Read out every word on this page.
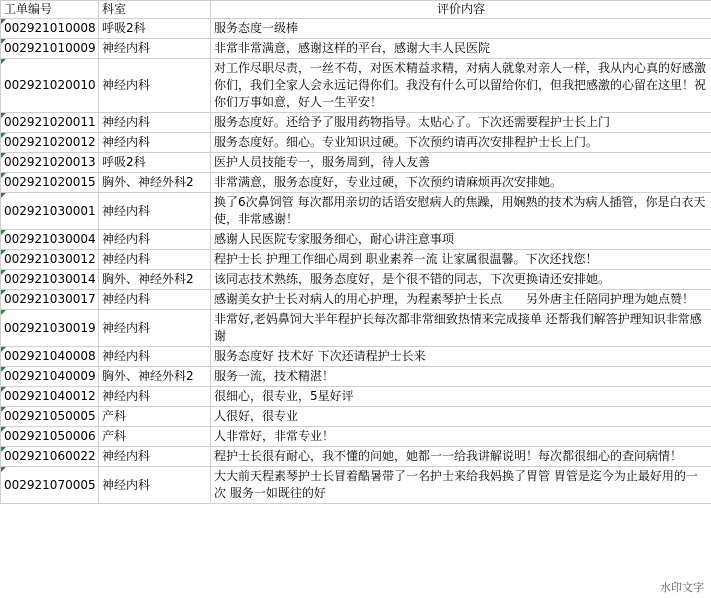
工单编号	科室	评价内容
002921010008	呼吸2科	服务态度一级棒
002921010009	神经内科	非常非常满意，感谢这样的平台，感谢大丰人民医院
002921020010	神经内科	对工作尽职尽责，一丝不苟，对医术精益求精，对病人就象对亲人一样，我从内心真的好感激你们，我们全家人会永远记得你们。我没有什么可以留给你们，但我把感激的心留在这里！祝你们万事如意，好人一生平安！
002921020011	神经内科	服务态度好。还给予了服用药物指导。太贴心了。下次还需要程护士长上门
002921020012	神经内科	服务态度好。细心。专业知识过硬。下次预约请再次安排程护士长上门。
002921020013	呼吸2科	医护人员技能专一，服务周到，待人友善
002921020015	胸外、神经外科2	非常满意，服务态度好，专业过硬，下次预约请麻烦再次安排她。
002921030001	神经内科	换了6次鼻饲管 每次都用亲切的话语安慰病人的焦躁，用娴熟的技术为病人插管，你是白衣天使，非常感谢！
002921030004	神经内科	感谢人民医院专家服务细心，耐心讲注意事项
002921030012	神经内科	程护士长 护理工作细心周到 职业素养一流 让家属很温馨。下次还找您！
002921030014	胸外、神经外科2	该同志技术熟练，服务态度好，是个很不错的同志，下次更换请还安排她。
002921030017	神经内科	感谢美女护士长对病人的用心护理，为程素琴护士长点　　另外唐主任陪同护理为她点赞！
002921030019	神经内科	非常好,老妈鼻饲大半年程护长每次都非常细致热情来完成接单 还帮我们解答护理知识非常感谢
002921040008	神经内科	服务态度好 技术好 下次还请程护士长来
002921040009	胸外、神经外科2	服务一流，技术精湛！
002921040012	神经内科	很细心，很专业，5星好评
002921050005	产科	人很好，很专业
002921050006	产科	人非常好，非常专业！
002921060022	神经内科	程护士长很有耐心，我不懂的问她，她都一一给我讲解说明！每次都很细心的查问病情！
002921070005	神经内科	大大前天程素琴护士长冒着酷暑带了一名护士来给我妈换了胃管 胃管是迄今为止最好用的一次 服务一如既往的好
水印文字
